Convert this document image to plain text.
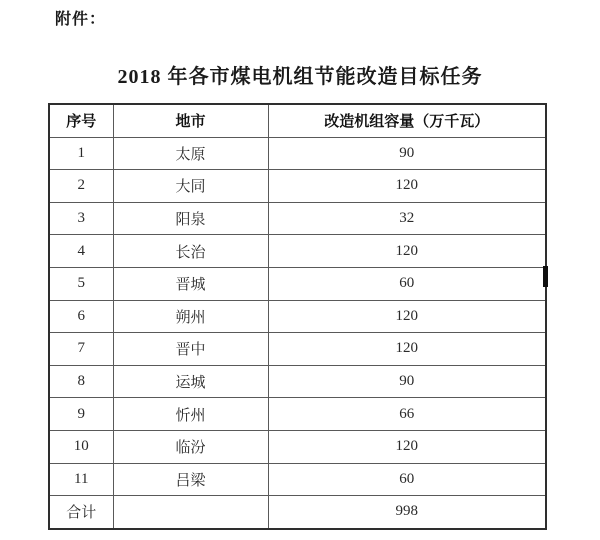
附件：
2018 年各市煤电机组节能改造目标任务
序号	地市	改造机组容量（万千瓦）
1	太原	90
2	大同	120
3	阳泉	32
4	长治	120
5	晋城	60
6	朔州	120
7	晋中	120
8	运城	90
9	忻州	66
10	临汾	120
11	吕梁	60
合计		998
